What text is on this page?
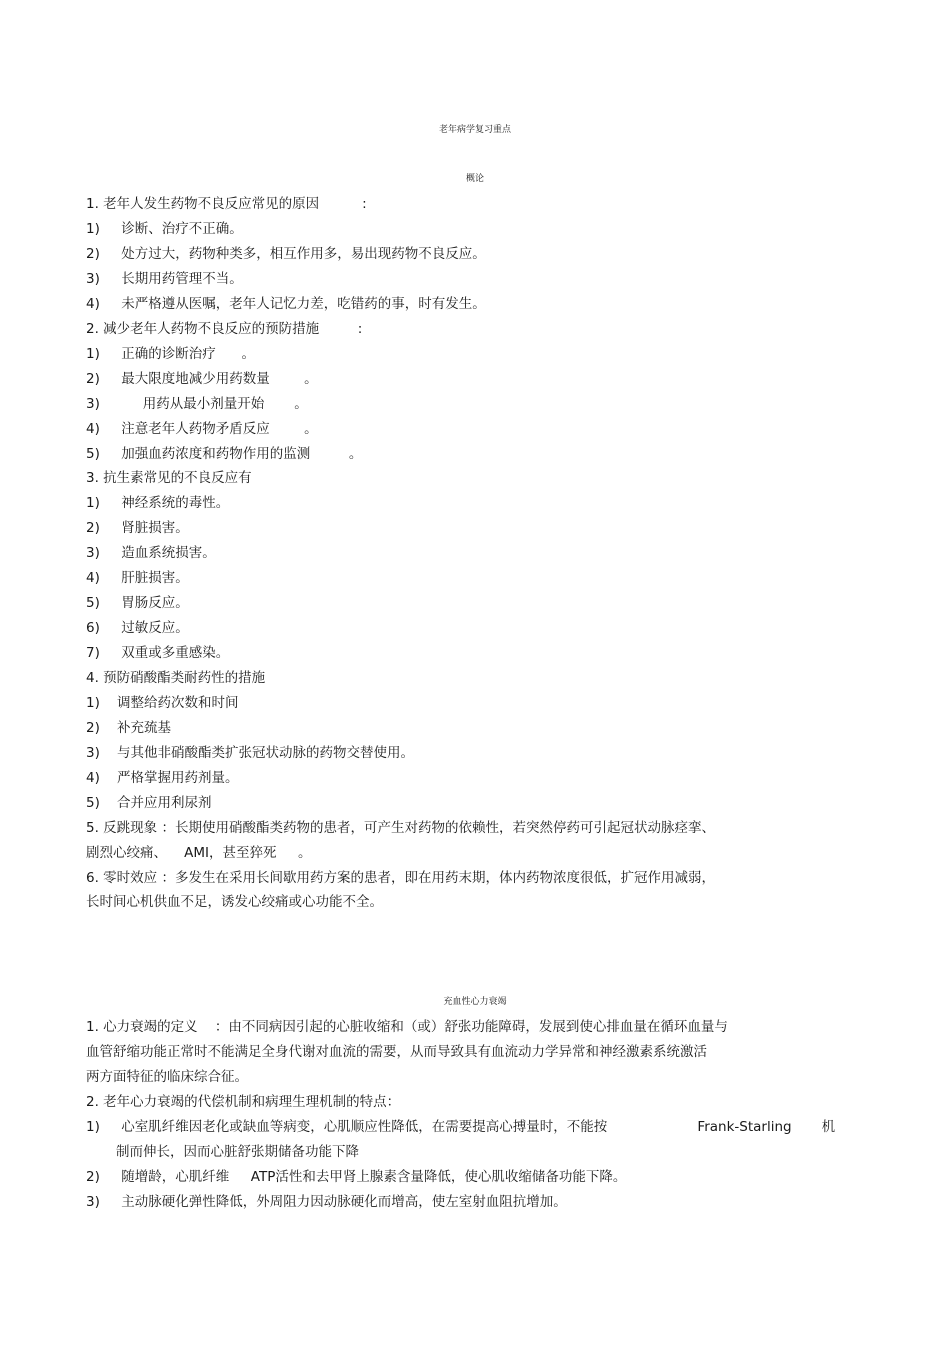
老年病学复习重点
概论
1. 老年人发生药物不良反应常见的原因          :
1)     诊断、治疗不正确。
2)     处方过大，药物种类多，相互作用多，易出现药物不良反应。
3)     长期用药管理不当。
4)     未严格遵从医嘱，老年人记忆力差，吃错药的事，时有发生。
2. 减少老年人药物不良反应的预防措施         :
1)     正确的诊断治疗      。
2)     最大限度地减少用药数量        。
3)          用药从最小剂量开始       。
4)     注意老年人药物矛盾反应        。
5)     加强血药浓度和药物作用的监测         。
3. 抗生素常见的不良反应有
1)     神经系统的毒性。
2)     肾脏损害。
3)     造血系统损害。
4)     肝脏损害。
5)     胃肠反应。
6)     过敏反应。
7)     双重或多重感染。
4. 预防硝酸酯类耐药性的措施
1)    调整给药次数和时间
2)    补充巯基
3)    与其他非硝酸酯类扩张冠状动脉的药物交替使用。
4)    严格掌握用药剂量。
5)    合并应用利尿剂
5. 反跳现象 ：长期使用硝酸酯类药物的患者，可产生对药物的依赖性，若突然停药可引起冠状动脉痉挛、
剧烈心绞痛、    AMI，甚至猝死     。
6. 零时效应 ：多发生在采用长间歇用药方案的患者，即在用药末期，体内药物浓度很低，扩冠作用减弱，
长时间心机供血不足，诱发心绞痛或心功能不全。
充血性心力衰竭
1. 心力衰竭的定义    ：由不同病因引起的心脏收缩和（或）舒张功能障碍，发展到使心排血量在循环血量与
血管舒缩功能正常时不能满足全身代谢对血流的需要，从而导致具有血流动力学异常和神经激素系统激活
两方面特征的临床综合征。
2. 老年心力衰竭的代偿机制和病理生理机制的特点：
1)     心室肌纤维因老化或缺血等病变，心肌顺应性降低，在需要提高心搏量时，不能按                     Frank-Starling       机
制而伸长，因而心脏舒张期储备功能下降
2)     随增龄，心肌纤维     ATP活性和去甲肾上腺素含量降低，使心肌收缩储备功能下降。
3)     主动脉硬化弹性降低，外周阻力因动脉硬化而增高，使左室射血阻抗增加。
